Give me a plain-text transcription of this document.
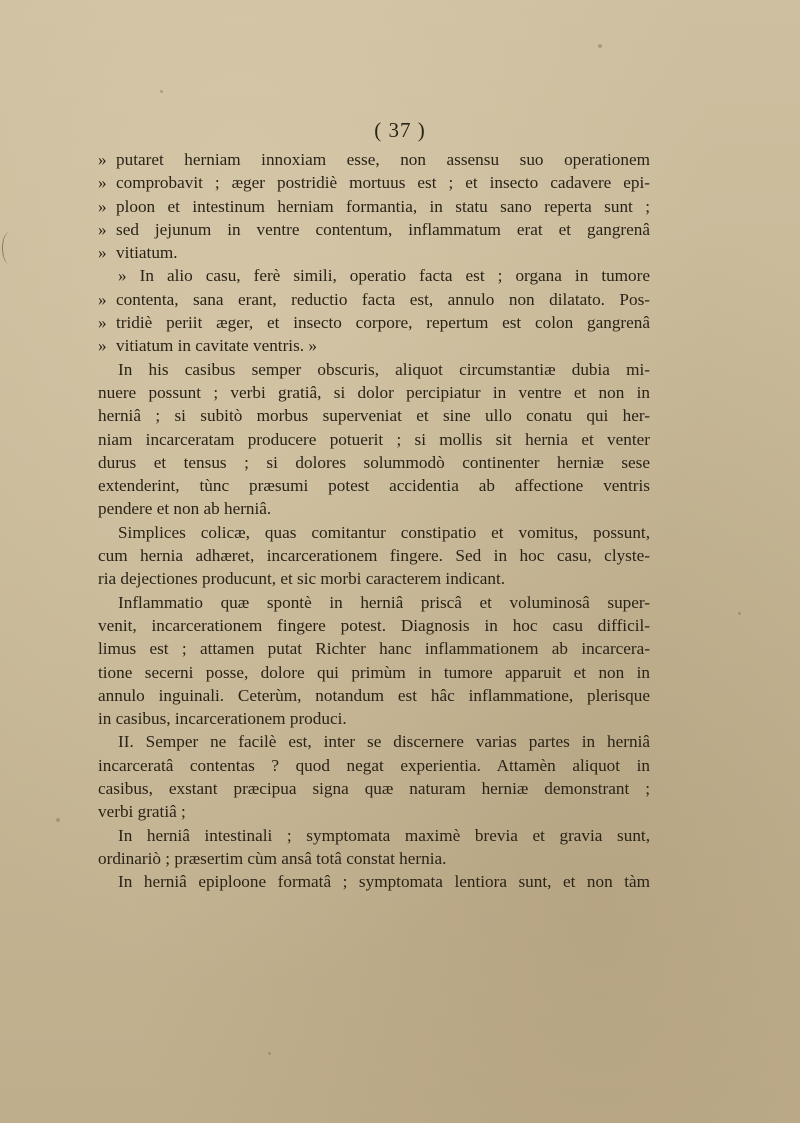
( 37 )
» putaret herniam innoxiam esse, non assensu suo operationem
» comprobavit ; æger postridiè mortuus est ; et insecto cadavere epi-
» ploon et intestinum herniam formantia, in statu sano reperta sunt ;
» sed jejunum in ventre contentum, inflammatum erat et gangrenâ
» vitiatum.
» In alio casu, ferè simili, operatio facta est ; organa in tumore
» contenta, sana erant, reductio facta est, annulo non dilatato. Pos-
» tridiè periit æger, et insecto corpore, repertum est colon gangrenâ
» vitiatum in cavitate ventris. »
In his casibus semper obscuris, aliquot circumstantiæ dubia mi-
nuere possunt ; verbi gratiâ, si dolor percipiatur in ventre et non in
herniâ ; si subitò morbus superveniat et sine ullo conatu qui her-
niam incarceratam producere potuerit ; si mollis sit hernia et venter
durus et tensus ; si dolores solummodò continenter herniæ sese
extenderint, tùnc præsumi potest accidentia ab affectione ventris
pendere et non ab herniâ.
Simplices colicæ, quas comitantur constipatio et vomitus, possunt,
cum hernia adhæret, incarcerationem fingere. Sed in hoc casu, clyste-
ria dejectiones producunt, et sic morbi caracterem indicant.
Inflammatio quæ spontè in herniâ priscâ et voluminosâ super-
venit, incarcerationem fingere potest. Diagnosis in hoc casu difficil-
limus est ; attamen putat Richter hanc inflammationem ab incarcera-
tione secerni posse, dolore qui primùm in tumore apparuit et non in
annulo inguinali. Ceterùm, notandum est hâc inflammatione, plerisque
in casibus, incarcerationem produci.
II. Semper ne facilè est, inter se discernere varias partes in herniâ
incarceratâ contentas ? quod negat experientia. Attamèn aliquot in
casibus, exstant præcipua signa quæ naturam herniæ demonstrant ;
verbi gratiâ ;
In herniâ intestinali ; symptomata maximè brevia et gravia sunt,
ordinariò ; præsertim cùm ansâ totâ constat hernia.
In herniâ epiploone formatâ ; symptomata lentiora sunt, et non tàm
